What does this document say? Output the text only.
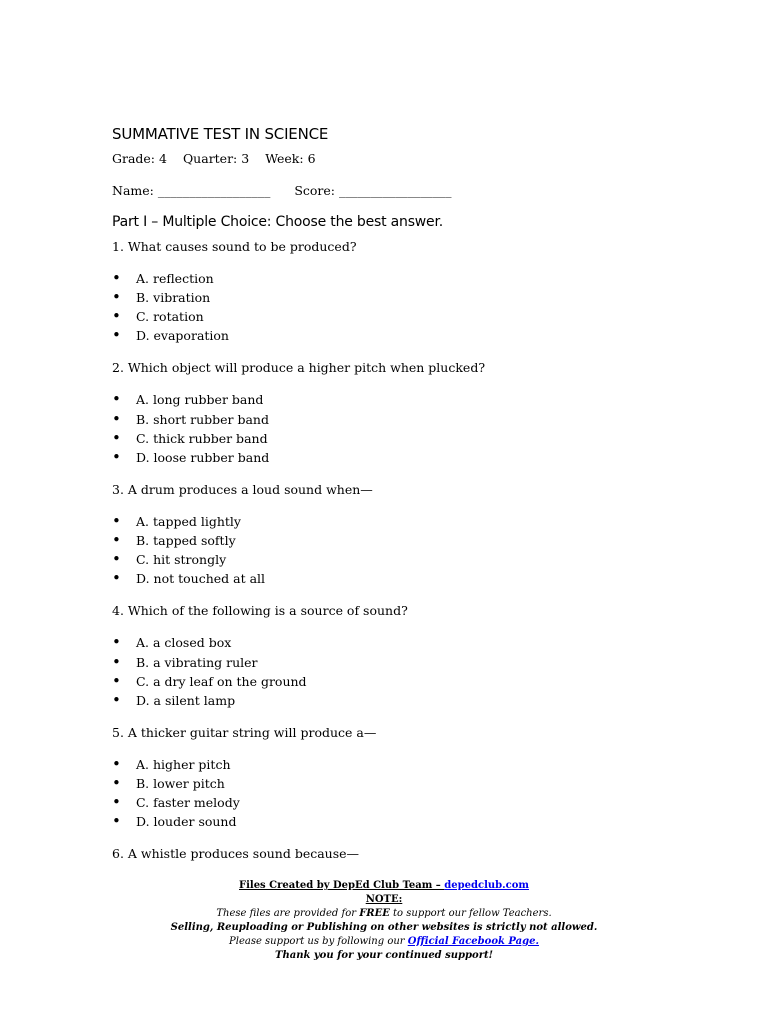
SUMMATIVE TEST IN SCIENCE
Grade: 4 Quarter: 3 Week: 6
Name: __________________ Score: __________________
Part I – Multiple Choice: Choose the best answer.
1. What causes sound to be produced?
• A. reflection
• B. vibration
• C. rotation
• D. evaporation
2. Which object will produce a higher pitch when plucked?
• A. long rubber band
• B. short rubber band
• C. thick rubber band
• D. loose rubber band
3. A drum produces a loud sound when—
• A. tapped lightly
• B. tapped softly
• C. hit strongly
• D. not touched at all
4. Which of the following is a source of sound?
• A. a closed box
• B. a vibrating ruler
• C. a dry leaf on the ground
• D. a silent lamp
5. A thicker guitar string will produce a—
• A. higher pitch
• B. lower pitch
• C. faster melody
• D. louder sound
6. A whistle produces sound because—
Files Created by DepEd Club Team – depedclub.com
NOTE:
These files are provided for FREE to support our fellow Teachers.
Selling, Reuploading or Publishing on other websites is strictly not allowed.
Please support us by following our Official Facebook Page.
Thank you for your continued support!
